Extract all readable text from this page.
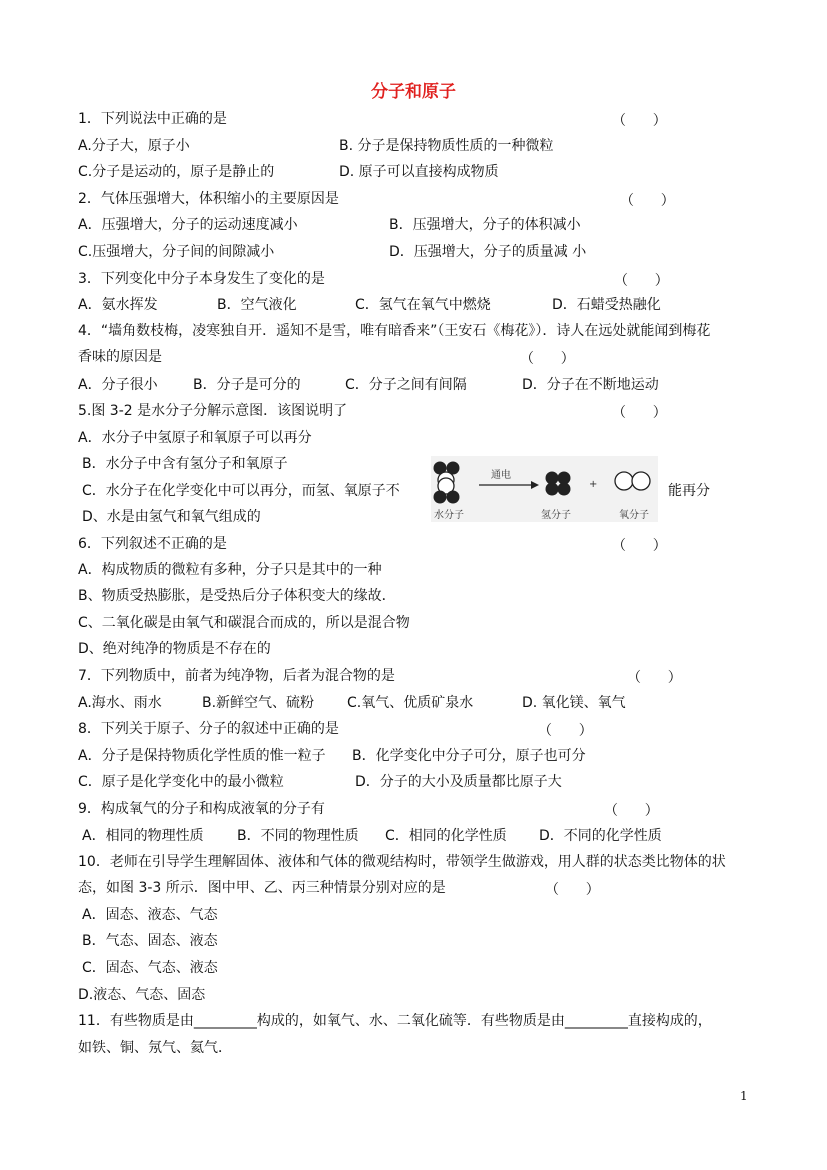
分子和原子
1．下列说法中正确的是
A.分子大，原子小	B. 分子是保持物质性质的一种微粒
C.分子是运动的，原子是静止的	D. 原子可以直接构成物质
2．气体压强增大，体积缩小的主要原因是
A．压强增大，分子的运动速度减小	B．压强增大，分子的体积减小
C.压强增大，分子间的间隙减小	D．压强增大，分子的质量减 小
3．下列变化中分子本身发生了变化的是
A．氨水挥发	B．空气液化	C．氢气在氧气中燃烧	D．石蜡受热融化
4．“墙角数枝梅，凌寒独自开．遥知不是雪，唯有暗香来”（王安石《梅花》）．诗人在远处就能闻到梅花
香味的原因是
A．分子很小	B．分子是可分的	C．分子之间有间隔	D．分子在不断地运动
5.图 3-2 是水分子分解示意图．该图说明了
A．水分子中氢原子和氧原子可以再分
B．水分子中含有氢分子和氧原子
C．水分子在化学变化中可以再分，而氢、氧原子不	能再分
D、水是由氢气和氧气组成的
6．下列叙述不正确的是
A．构成物质的微粒有多种，分子只是其中的一种
B、物质受热膨胀，是受热后分子体积变大的缘故．
C、二氧化碳是由氧气和碳混合而成的，所以是混合物
D、绝对纯净的物质是不存在的
7．下列物质中，前者为纯净物，后者为混合物的是
A.海水、雨水	B.新鲜空气、硫粉 C.氧气、优质矿泉水	D. 氧化镁、氧气
8．下列关于原子、分子的叙述中正确的是
A．分子是保持物质化学性质的惟一粒子 B．化学变化中分子可分，原子也可分
C．原子是化学变化中的最小微粒	D．分子的大小及质量都比原子大
9．构成氧气的分子和构成液氧的分子有
A．相同的物理性质 B．不同的物理性质 C．相同的化学性质 D．不同的化学性质
10．老师在引导学生理解固体、液体和气体的微观结构时，带领学生做游戏，用人群的状态类比物体的状
态，如图 3-3 所示．图中甲、乙、丙三种情景分别对应的是
A．固态、液态、气态
B．气态、固态、液态
C．固态、气态、液态
D.液态、气态、固态
11．有些物质是由_________构成的，如氧气、水、二氧化硫等．有些物质是由_________直接构成的，
如铁、铜、氖气、氦气．
（      ）
（      ）
（      ）
（      ）
（      ）
（      ）
（      ）
（      ）
（      ）
（      ）
水分子
通电
氢分子
+
氧分子
1
